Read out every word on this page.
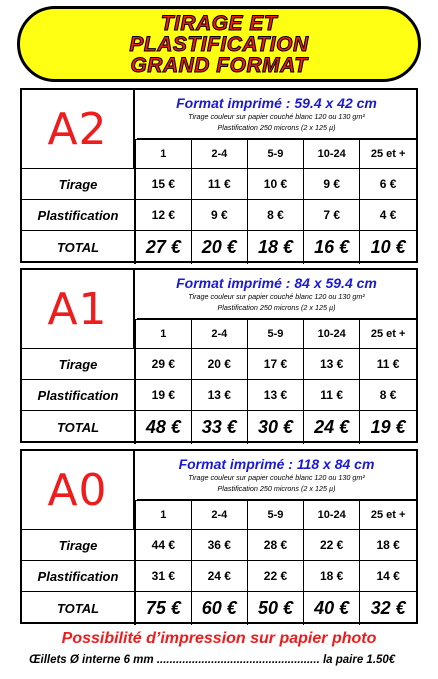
TIRAGE ET
PLASTIFICATION
GRAND FORMAT
Format imprimé : 59.4 x 42 cm
Tirage couleur sur papier couché blanc 120 ou 130 gm²
Plastification 250 microns (2 x 125 µ)
	1	2-4	5-9	10-24	25 et +
Tirage	15 €	11 €	10 €	9 €	6 €
Plastification	12 €	9 €	8 €	7 €	4 €
TOTAL	27 €	20 €	18 €	16 €	10 €
A2
Format imprimé : 84 x 59.4 cm
Tirage couleur sur papier couché blanc 120 ou 130 gm²
Plastification 250 microns (2 x 125 µ)
	1	2-4	5-9	10-24	25 et +
Tirage	29 €	20 €	17 €	13 €	11 €
Plastification	19 €	13 €	13 €	11 €	8 €
TOTAL	48 €	33 €	30 €	24 €	19 €
A1
Format imprimé : 118 x 84 cm
Tirage couleur sur papier couché blanc 120 ou 130 gm²
Plastification 250 microns (2 x 125 µ)
	1	2-4	5-9	10-24	25 et +
Tirage	44 €	36 €	28 €	22 €	18 €
Plastification	31 €	24 €	22 €	18 €	14 €
TOTAL	75 €	60 €	50 €	40 €	32 €
A0
Possibilité d’impression sur papier photo
Œillets Ø interne 6 mm ................................................... la paire 1.50€
